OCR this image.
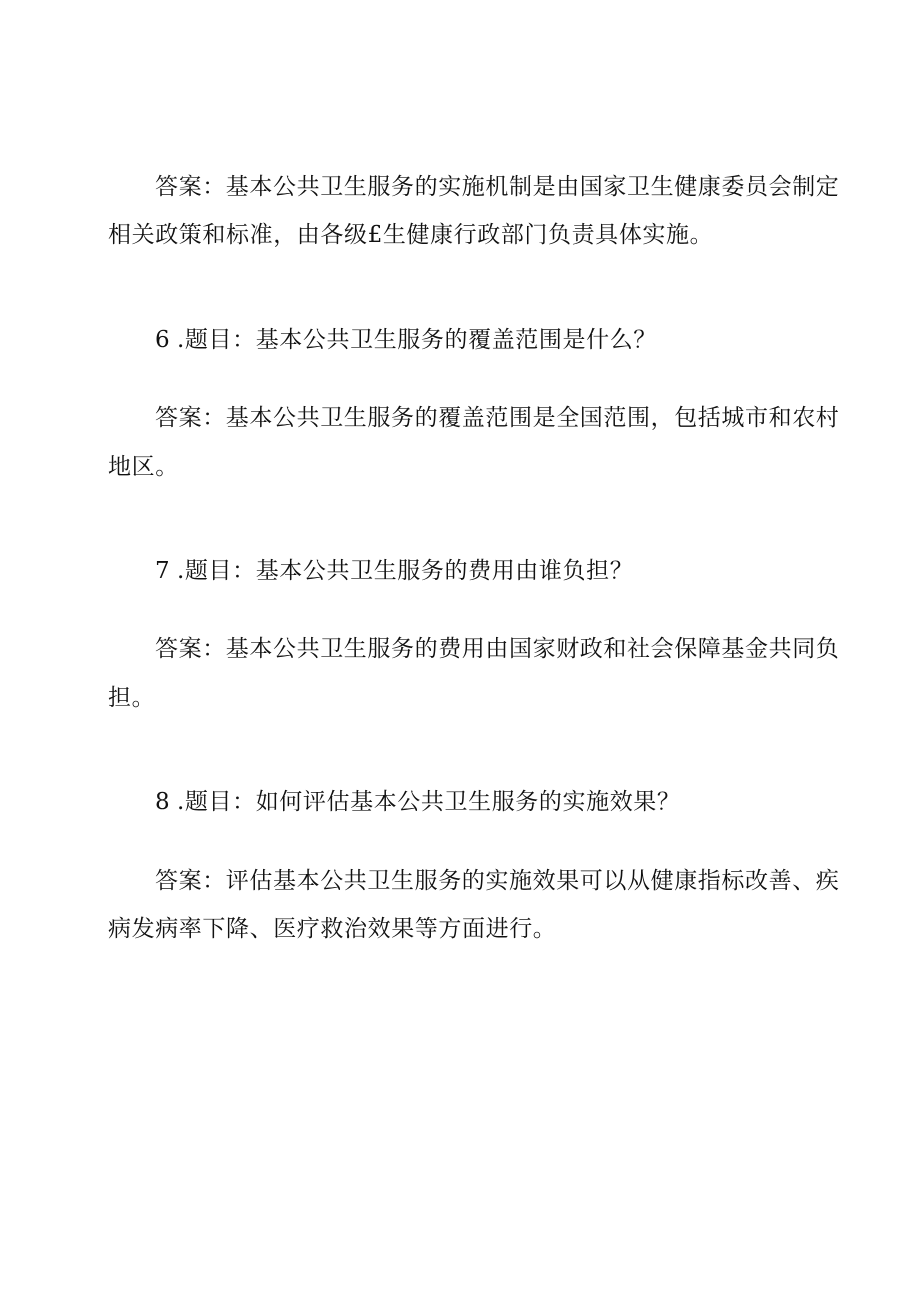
答案：基本公共卫生服务的实施机制是由国家卫生健康委员会制定
相关政策和标准，由各级£生健康行政部门负责具体实施。
6 .题目：基本公共卫生服务的覆盖范围是什么？
答案：基本公共卫生服务的覆盖范围是全国范围，包括城市和农村
地区。
7 .题目：基本公共卫生服务的费用由谁负担？
答案：基本公共卫生服务的费用由国家财政和社会保障基金共同负
担。
8 .题目：如何评估基本公共卫生服务的实施效果？
答案：评估基本公共卫生服务的实施效果可以从健康指标改善、疾
病发病率下降、医疗救治效果等方面进行。
